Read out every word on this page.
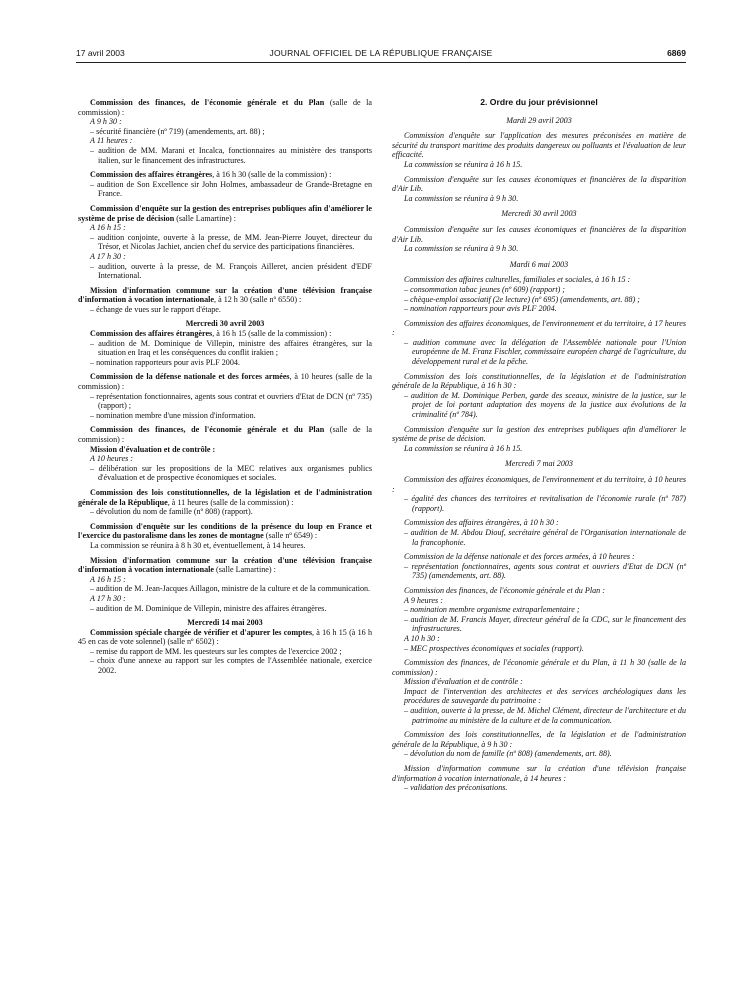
17 avril 2003	JOURNAL OFFICIEL DE LA RÉPUBLIQUE FRANÇAISE	6869

Commission des finances, de l'économie générale et du Plan (salle de la commission) :

A 9 h 30 :

– sécurité financière (nº 719) (amendements, art. 88) ;

A 11 heures :

– audition de MM. Marani et Incalca, fonctionnaires au ministère des transports italien, sur le financement des infrastructures.

Commission des affaires étrangères, à 16 h 30 (salle de la commission) :

– audition de Son Excellence sir John Holmes, ambassadeur de Grande-Bretagne en France.

Commission d'enquête sur la gestion des entreprises publiques afin d'améliorer le système de prise de décision (salle Lamartine) :

A 16 h 15 :

– audition conjointe, ouverte à la presse, de MM. Jean-Pierre Jouyet, directeur du Trésor, et Nicolas Jachiet, ancien chef du service des participations financières.

A 17 h 30 :

– audition, ouverte à la presse, de M. François Ailleret, ancien président d'EDF International.

Mission d'information commune sur la création d'une télévision française d'information à vocation internationale, à 12 h 30 (salle nº 6550) :

– échange de vues sur le rapport d'étape.

Mercredi 30 avril 2003

Commission des affaires étrangères, à 16 h 15 (salle de la commission) :

– audition de M. Dominique de Villepin, ministre des affaires étrangères, sur la situation en Iraq et les conséquences du conflit irakien ;

– nomination rapporteurs pour avis PLF 2004.

Commission de la défense nationale et des forces armées, à 10 heures (salle de la commission) :

– représentation fonctionnaires, agents sous contrat et ouvriers d'Etat de DCN (nº 735) (rapport) ;

– nomination membre d'une mission d'information.

Commission des finances, de l'économie générale et du Plan (salle de la commission) :

Mission d'évaluation et de contrôle :

A 10 heures :

– délibération sur les propositions de la MEC relatives aux organismes publics d'évaluation et de prospective économiques et sociales.

Commission des lois constitutionnelles, de la législation et de l'administration générale de la République, à 11 heures (salle de la commission) :

– dévolution du nom de famille (nº 808) (rapport).

Commission d'enquête sur les conditions de la présence du loup en France et l'exercice du pastoralisme dans les zones de montagne (salle nº 6549) :

La commission se réunira à 8 h 30 et, éventuellement, à 14 heures.

Mission d'information commune sur la création d'une télévision française d'information à vocation internationale (salle Lamartine) :

A 16 h 15 :

– audition de M. Jean-Jacques Aillagon, ministre de la culture et de la communication.

A 17 h 30 :

– audition de M. Dominique de Villepin, ministre des affaires étrangères.

Mercredi 14 mai 2003

Commission spéciale chargée de vérifier et d'apurer les comptes, à 16 h 15 (à 16 h 45 en cas de vote solennel) (salle nº 6502) :

– remise du rapport de MM. les questeurs sur les comptes de l'exercice 2002 ;

– choix d'une annexe au rapport sur les comptes de l'Assemblée nationale, exercice 2002.

2. Ordre du jour prévisionnel

Mardi 29 avril 2003

Commission d'enquête sur l'application des mesures préconisées en matière de sécurité du transport maritime des produits dangereux ou polluants et l'évaluation de leur efficacité.

La commission se réunira à 16 h 15.

Commission d'enquête sur les causes économiques et financières de la disparition d'Air Lib.

La commission se réunira à 9 h 30.

Mercredi 30 avril 2003

Commission d'enquête sur les causes économiques et financières de la disparition d'Air Lib.

La commission se réunira à 9 h 30.

Mardi 6 mai 2003

Commission des affaires culturelles, familiales et sociales, à 16 h 15 :

– consommation tabac jeunes (nº 609) (rapport) ;

– chèque-emploi associatif (2e lecture) (nº 695) (amendements, art. 88) ;

– nomination rapporteurs pour avis PLF 2004.

Commission des affaires économiques, de l'environnement et du territoire, à 17 heures :

– audition commune avec la délégation de l'Assemblée nationale pour l'Union européenne de M. Franz Fischler, commissaire européen chargé de l'agriculture, du développement rural et de la pêche.

Commission des lois constitutionnelles, de la législation et de l'administration générale de la République, à 16 h 30 :

– audition de M. Dominique Perben, garde des sceaux, ministre de la justice, sur le projet de loi portant adaptation des moyens de la justice aux évolutions de la criminalité (nº 784).

Commission d'enquête sur la gestion des entreprises publiques afin d'améliorer le système de prise de décision.

La commission se réunira à 16 h 15.

Mercredi 7 mai 2003

Commission des affaires économiques, de l'environnement et du territoire, à 10 heures :

– égalité des chances des territoires et revitalisation de l'économie rurale (nº 787) (rapport).

Commission des affaires étrangères, à 10 h 30 :

– audition de M. Abdou Diouf, secrétaire général de l'Organisation internationale de la francophonie.

Commission de la défense nationale et des forces armées, à 10 heures :

– représentation fonctionnaires, agents sous contrat et ouvriers d'Etat de DCN (nº 735) (amendements, art. 88).

Commission des finances, de l'économie générale et du Plan :

A 9 heures :

– nomination membre organisme extraparlementaire ;

– audition de M. Francis Mayer, directeur général de la CDC, sur le financement des infrastructures.

A 10 h 30 :

– MEC prospectives économiques et sociales (rapport).

Commission des finances, de l'économie générale et du Plan, à 11 h 30 (salle de la commission) :

Mission d'évaluation et de contrôle :

Impact de l'intervention des architectes et des services archéologiques dans les procédures de sauvegarde du patrimoine :

– audition, ouverte à la presse, de M. Michel Clément, directeur de l'architecture et du patrimoine au ministère de la culture et de la communication.

Commission des lois constitutionnelles, de la législation et de l'administration générale de la République, à 9 h 30 :

– dévolution du nom de famille (nº 808) (amendements, art. 88).

Mission d'information commune sur la création d'une télévision française d'information à vocation internationale, à 14 heures :

– validation des préconisations.
